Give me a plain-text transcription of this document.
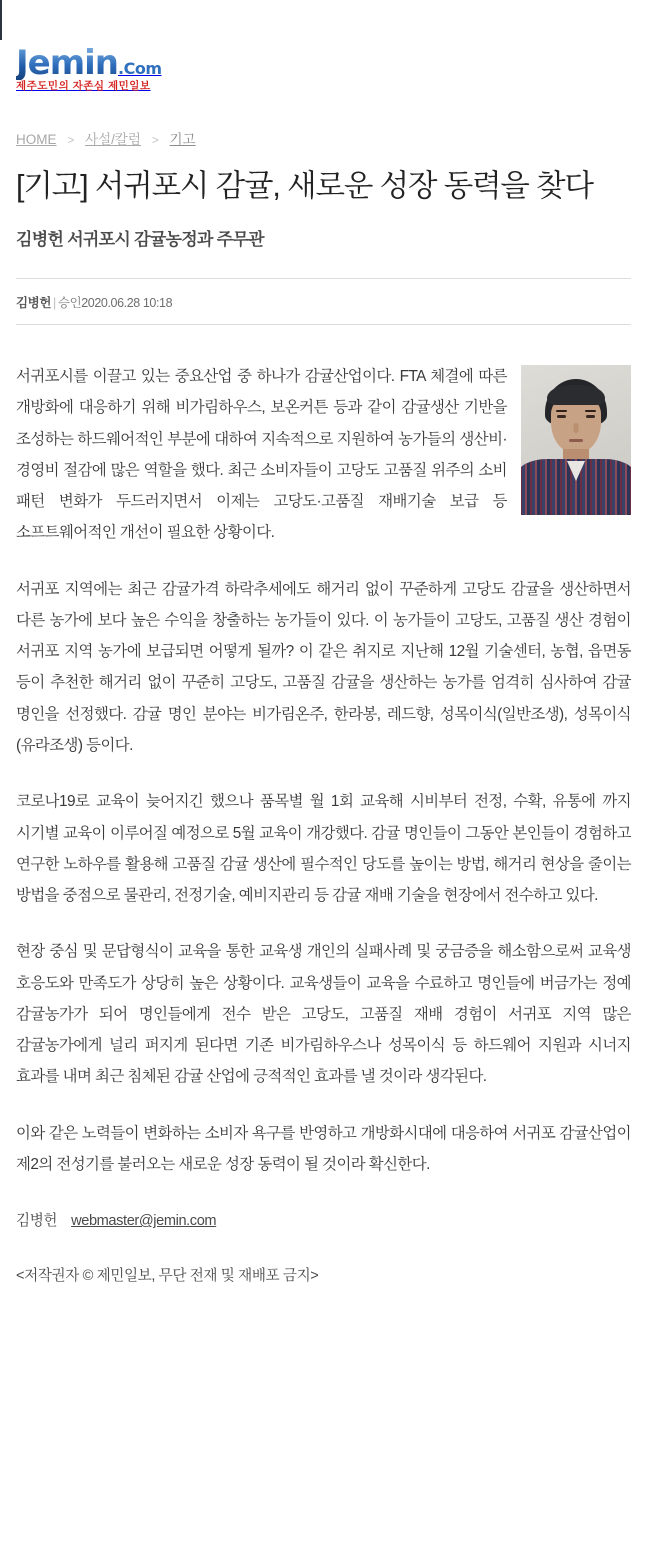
Jemin.Com
제주도민의 자존심 제민일보
HOME > 사설/칼럼 > 기고
[기고] 서귀포시 감귤, 새로운 성장 동력을 찾다
김병헌 서귀포시 감귤농정과 주무관
김병헌 | 승인2020.06.28 10:18

서귀포시를 이끌고 있는 중요산업 중 하나가 감귤산업이다. FTA 체결에 따른 개방화에 대응하기 위해 비가림하우스, 보온커튼 등과 같이 감귤생산 기반을 조성하는 하드웨어적인 부분에 대하여 지속적으로 지원하여 농가들의 생산비·경영비 절감에 많은 역할을 했다. 최근 소비자들이 고당도 고품질 위주의 소비 패턴 변화가 두드러지면서 이제는 고당도·고품질 재배기술 보급 등 소프트웨어적인 개선이 필요한 상황이다.

서귀포 지역에는 최근 감귤가격 하락추세에도 해거리 없이 꾸준하게 고당도 감귤을 생산하면서 다른 농가에 보다 높은 수익을 창출하는 농가들이 있다. 이 농가들이 고당도, 고품질 생산 경험이 서귀포 지역 농가에 보급되면 어떻게 될까? 이 같은 취지로 지난해 12월 기술센터, 농협, 읍면동 등이 추천한 해거리 없이 꾸준히 고당도, 고품질 감귤을 생산하는 농가를 엄격히 심사하여 감귤 명인을 선정했다. 감귤 명인 분야는 비가림온주, 한라봉, 레드향, 성목이식(일반조생), 성목이식(유라조생) 등이다.

코로나19로 교육이 늦어지긴 했으나 품목별 월 1회 교육해 시비부터 전정, 수확, 유통에 까지 시기별 교육이 이루어질 예정으로 5월 교육이 개강했다. 감귤 명인들이 그동안 본인들이 경험하고 연구한 노하우를 활용해 고품질 감귤 생산에 필수적인 당도를 높이는 방법, 해거리 현상을 줄이는 방법을 중점으로 물관리, 전정기술, 예비지관리 등 감귤 재배 기술을 현장에서 전수하고 있다.

현장 중심 및 문답형식이 교육을 통한 교육생 개인의 실패사례 및 궁금증을 해소함으로써 교육생 호응도와 만족도가 상당히 높은 상황이다. 교육생들이 교육을 수료하고 명인들에 버금가는 정예 감귤농가가 되어 명인들에게 전수 받은 고당도, 고품질 재배 경험이 서귀포 지역 많은 감귤농가에게 널리 퍼지게 된다면 기존 비가림하우스나 성목이식 등 하드웨어 지원과 시너지 효과를 내며 최근 침체된 감귤 산업에 긍적적인 효과를 낼 것이라 생각된다.

이와 같은 노력들이 변화하는 소비자 욕구를 반영하고 개방화시대에 대응하여 서귀포 감귤산업이 제2의 전성기를 불러오는 새로운 성장 동력이 될 것이라 확신한다.

김병헌 webmaster@jemin.com

<저작권자 © 제민일보, 무단 전재 및 재배포 금지>
